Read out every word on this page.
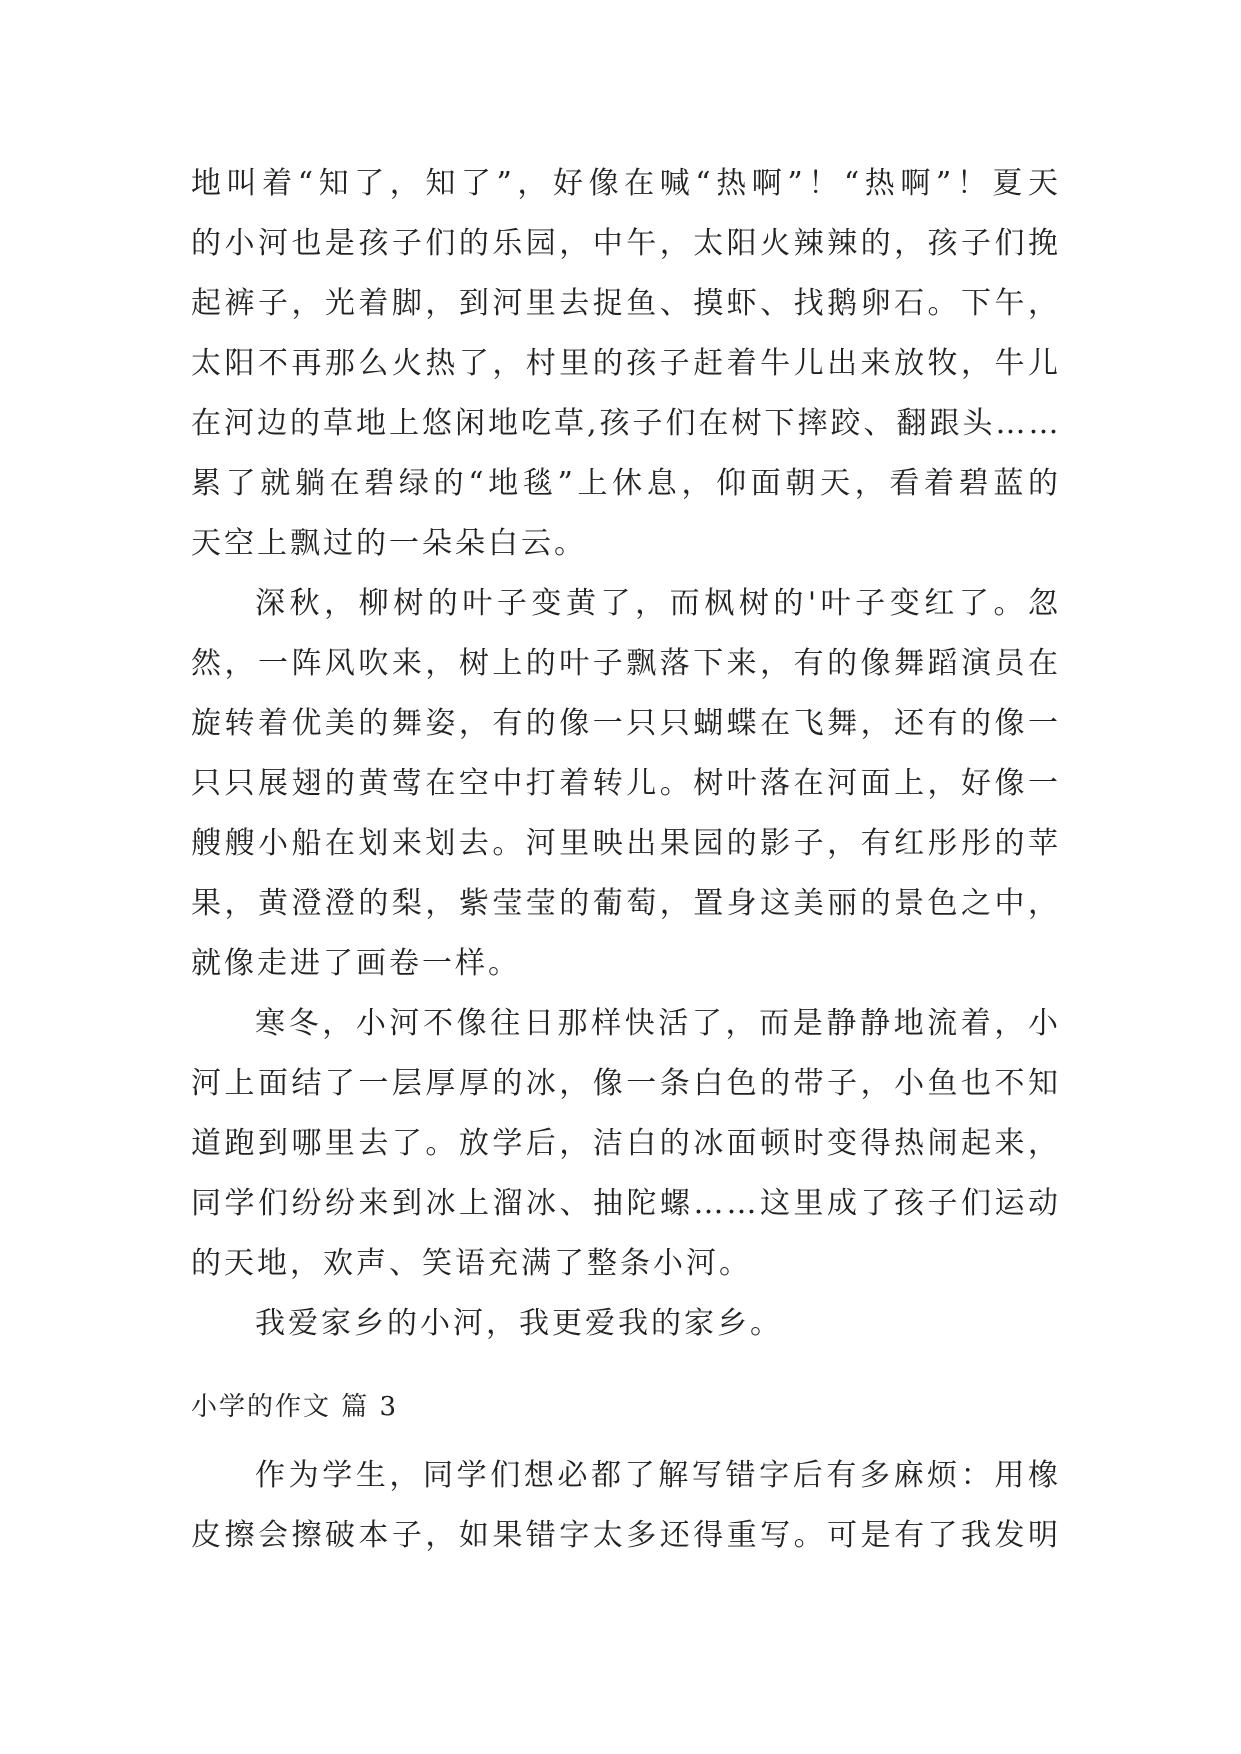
地叫着“知了，知了”，好像在喊“热啊”！“热啊”！夏天
的小河也是孩子们的乐园，中午，太阳火辣辣的，孩子们挽
起裤子，光着脚，到河里去捉鱼、摸虾、找鹅卵石。下午，
太阳不再那么火热了，村里的孩子赶着牛儿出来放牧，牛儿
在河边的草地上悠闲地吃草,孩子们在树下摔跤、翻跟头……
累了就躺在碧绿的“地毯”上休息，仰面朝天，看着碧蓝的
天空上飘过的一朵朵白云。
深秋，柳树的叶子变黄了，而枫树的'叶子变红了。忽
然，一阵风吹来，树上的叶子飘落下来，有的像舞蹈演员在
旋转着优美的舞姿，有的像一只只蝴蝶在飞舞，还有的像一
只只展翅的黄莺在空中打着转儿。树叶落在河面上，好像一
艘艘小船在划来划去。河里映出果园的影子，有红彤彤的苹
果，黄澄澄的梨，紫莹莹的葡萄，置身这美丽的景色之中，
就像走进了画卷一样。
寒冬，小河不像往日那样快活了，而是静静地流着，小
河上面结了一层厚厚的冰，像一条白色的带子，小鱼也不知
道跑到哪里去了。放学后，洁白的冰面顿时变得热闹起来，
同学们纷纷来到冰上溜冰、抽陀螺……这里成了孩子们运动
的天地，欢声、笑语充满了整条小河。
我爱家乡的小河，我更爱我的家乡。
小学的作文 篇 3
作为学生，同学们想必都了解写错字后有多麻烦：用橡
皮擦会擦破本子，如果错字太多还得重写。可是有了我发明
